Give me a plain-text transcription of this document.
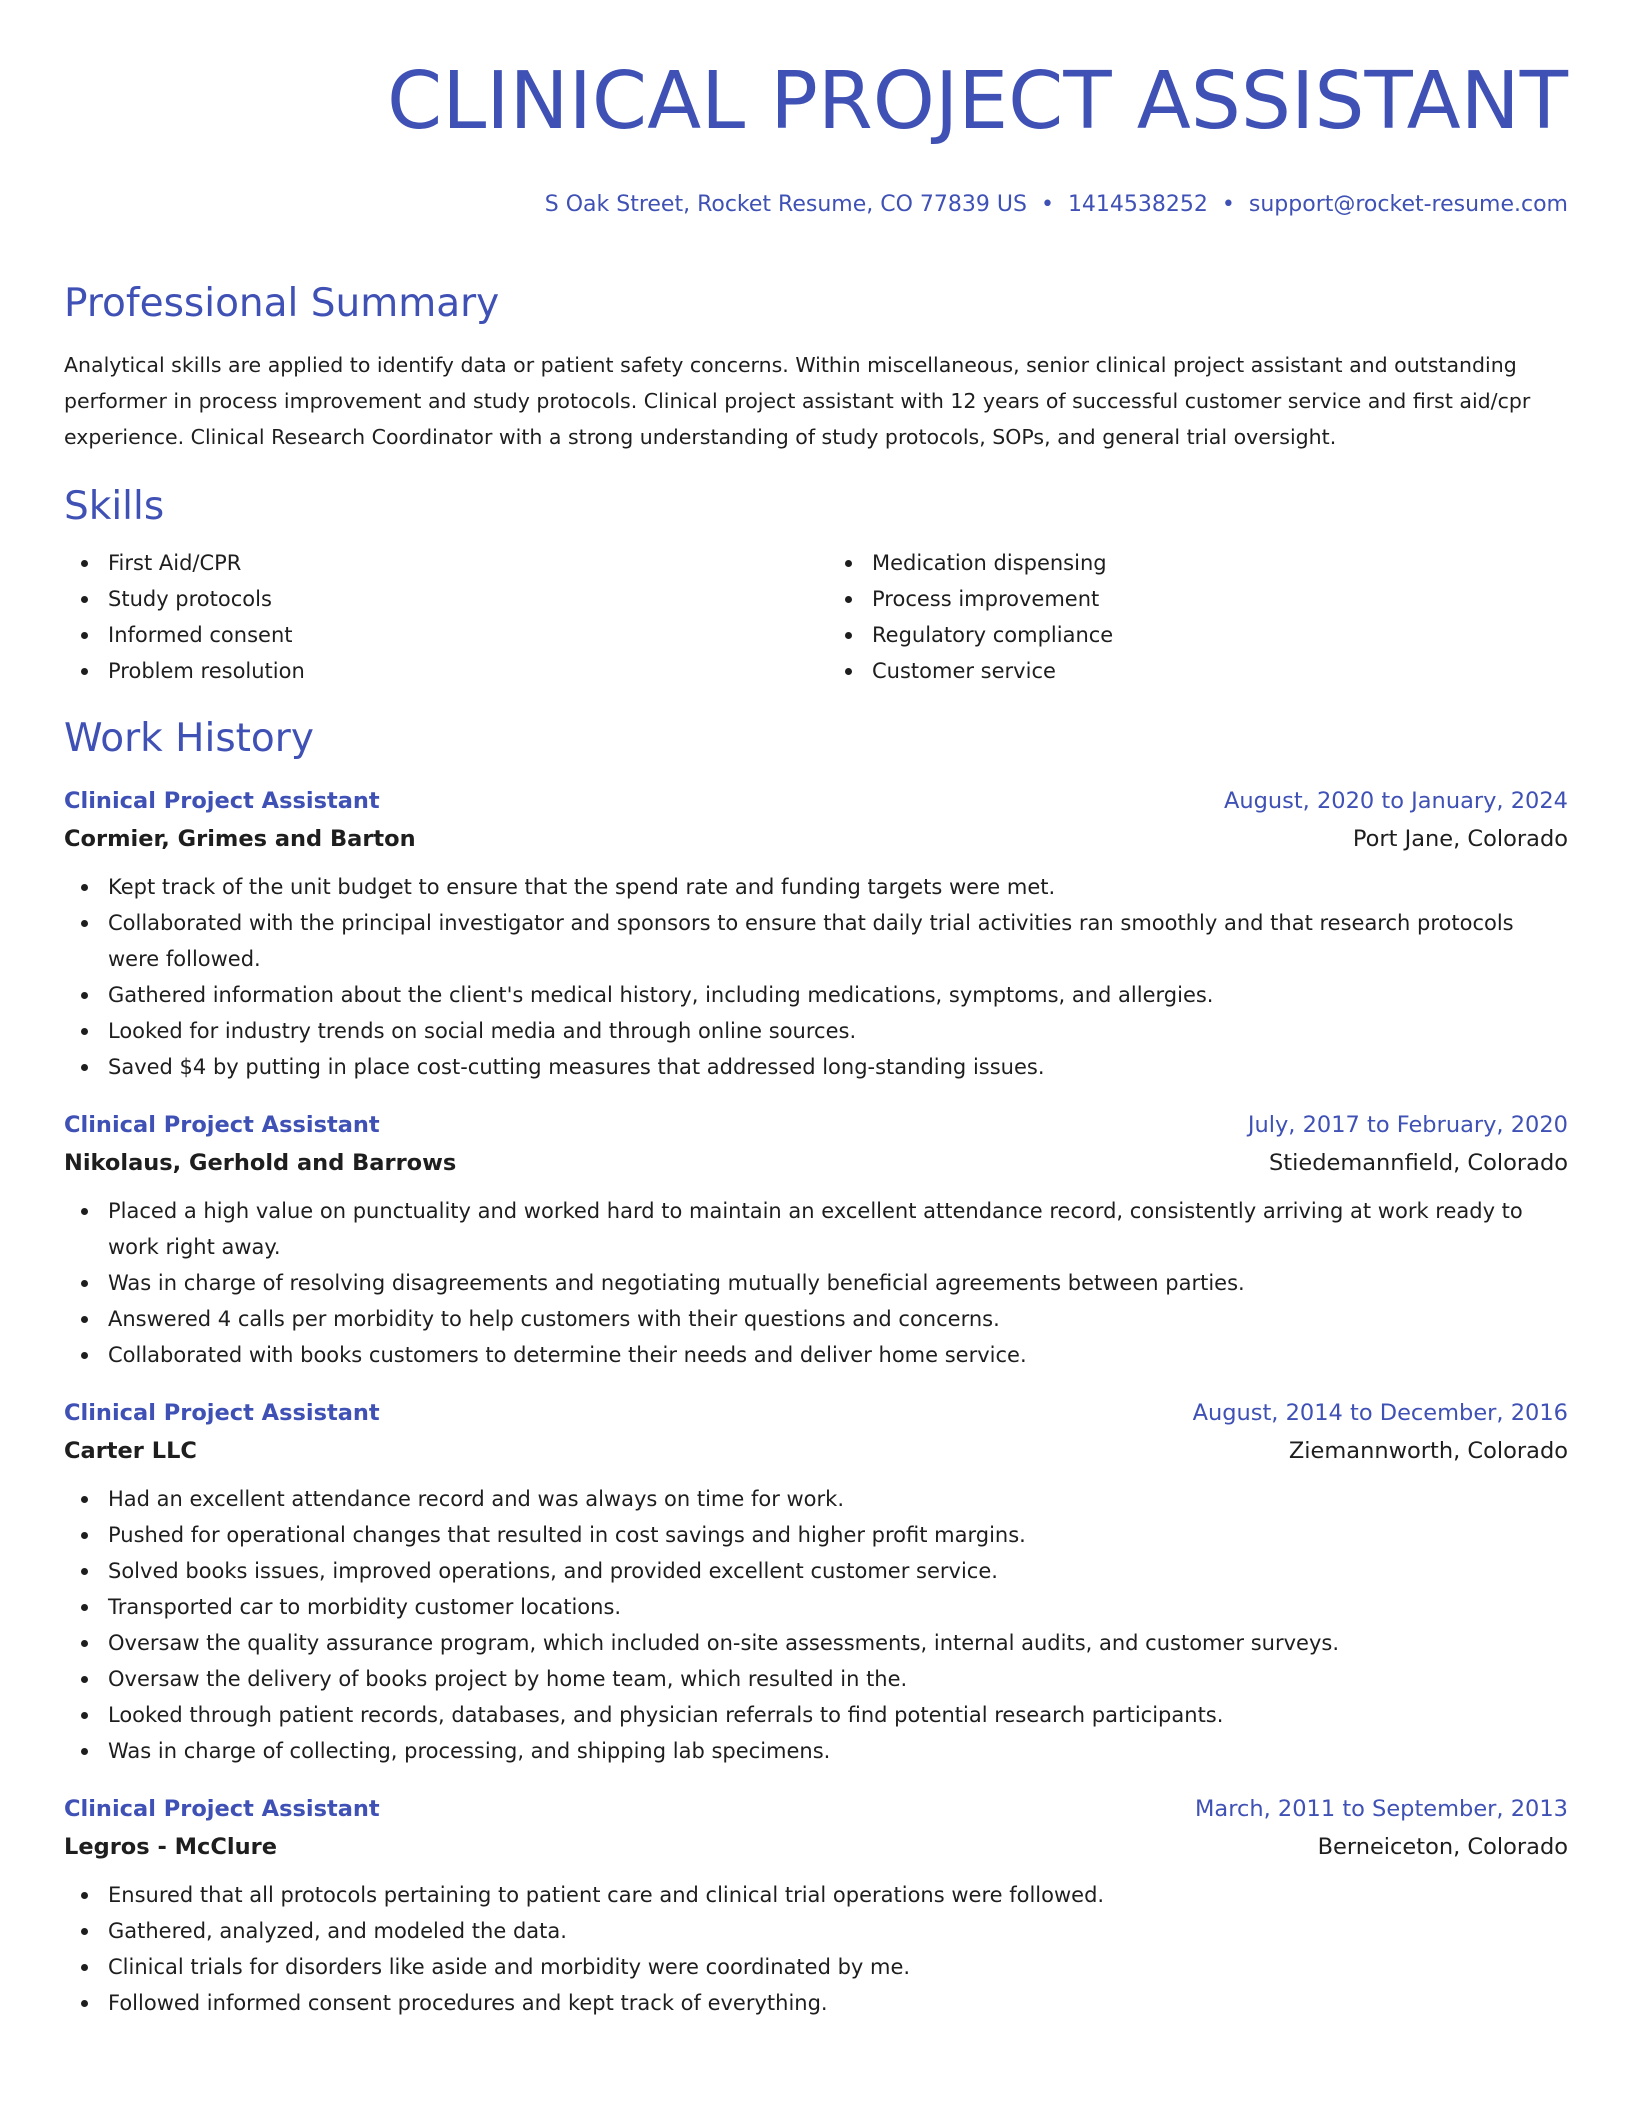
CLINICAL PROJECT ASSISTANT
S Oak Street, Rocket Resume, CO 77839 US • 1414538252 • support@rocket-resume.com
Professional Summary

Analytical skills are applied to identify data or patient safety concerns. Within miscellaneous, senior clinical project assistant and outstanding performer in process improvement and study protocols. Clinical project assistant with 12 years of successful customer service and first aid/cpr experience. Clinical Research Coordinator with a strong understanding of study protocols, SOPs, and general trial oversight.

Skills
First Aid/CPR
Study protocols
Informed consent
Problem resolution
Medication dispensing
Process improvement
Regulatory compliance
Customer service
Work History
Clinical Project Assistant	August, 2020 to January, 2024
Cormier, Grimes and Barton	Port Jane, Colorado
Kept track of the unit budget to ensure that the spend rate and funding targets were met.
Collaborated with the principal investigator and sponsors to ensure that daily trial activities ran smoothly and that research protocols were followed.
Gathered information about the client's medical history, including medications, symptoms, and allergies.
Looked for industry trends on social media and through online sources.
Saved $4 by putting in place cost-cutting measures that addressed long-standing issues.
Clinical Project Assistant	July, 2017 to February, 2020
Nikolaus, Gerhold and Barrows	Stiedemannfield, Colorado
Placed a high value on punctuality and worked hard to maintain an excellent attendance record, consistently arriving at work ready to work right away.
Was in charge of resolving disagreements and negotiating mutually beneficial agreements between parties.
Answered 4 calls per morbidity to help customers with their questions and concerns.
Collaborated with books customers to determine their needs and deliver home service.
Clinical Project Assistant	August, 2014 to December, 2016
Carter LLC	Ziemannworth, Colorado
Had an excellent attendance record and was always on time for work.
Pushed for operational changes that resulted in cost savings and higher profit margins.
Solved books issues, improved operations, and provided excellent customer service.
Transported car to morbidity customer locations.
Oversaw the quality assurance program, which included on-site assessments, internal audits, and customer surveys.
Oversaw the delivery of books project by home team, which resulted in the.
Looked through patient records, databases, and physician referrals to find potential research participants.
Was in charge of collecting, processing, and shipping lab specimens.
Clinical Project Assistant	March, 2011 to September, 2013
Legros - McClure	Berneiceton, Colorado
Ensured that all protocols pertaining to patient care and clinical trial operations were followed.
Gathered, analyzed, and modeled the data.
Clinical trials for disorders like aside and morbidity were coordinated by me.
Followed informed consent procedures and kept track of everything.
